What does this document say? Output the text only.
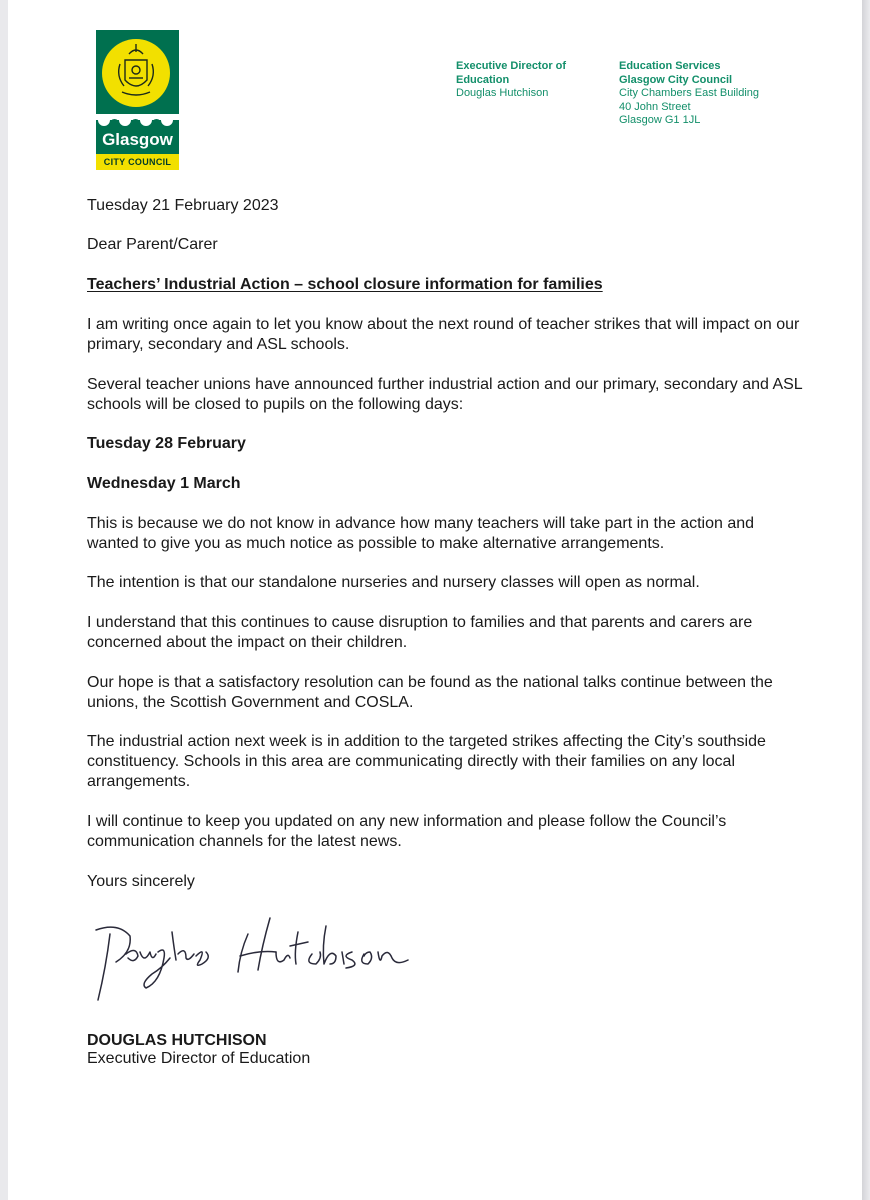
Glasgow
CITY COUNCIL
Executive Director of Education
Douglas Hutchison
Education Services
Glasgow City Council
City Chambers East Building
40 John Street
Glasgow G1 1JL

Tuesday 21 February 2023

Dear Parent/Carer

Teachers’ Industrial Action – school closure information for families

I am writing once again to let you know about the next round of teacher strikes that will impact on our primary, secondary and ASL schools.

Several teacher unions have announced further industrial action and our primary, secondary and ASL schools will be closed to pupils on the following days:

Tuesday 28 February

Wednesday 1 March

This is because we do not know in advance how many teachers will take part in the action and wanted to give you as much notice as possible to make alternative arrangements.

The intention is that our standalone nurseries and nursery classes will open as normal.

I understand that this continues to cause disruption to families and that parents and carers are concerned about the impact on their children.

Our hope is that a satisfactory resolution can be found as the national talks continue between the unions, the Scottish Government and COSLA.

The industrial action next week is in addition to the targeted strikes affecting the City’s southside constituency. Schools in this area are communicating directly with their families on any local arrangements.

I will continue to keep you updated on any new information and please follow the Council’s communication channels for the latest news.

Yours sincerely

DOUGLAS HUTCHISON

Executive Director of Education
